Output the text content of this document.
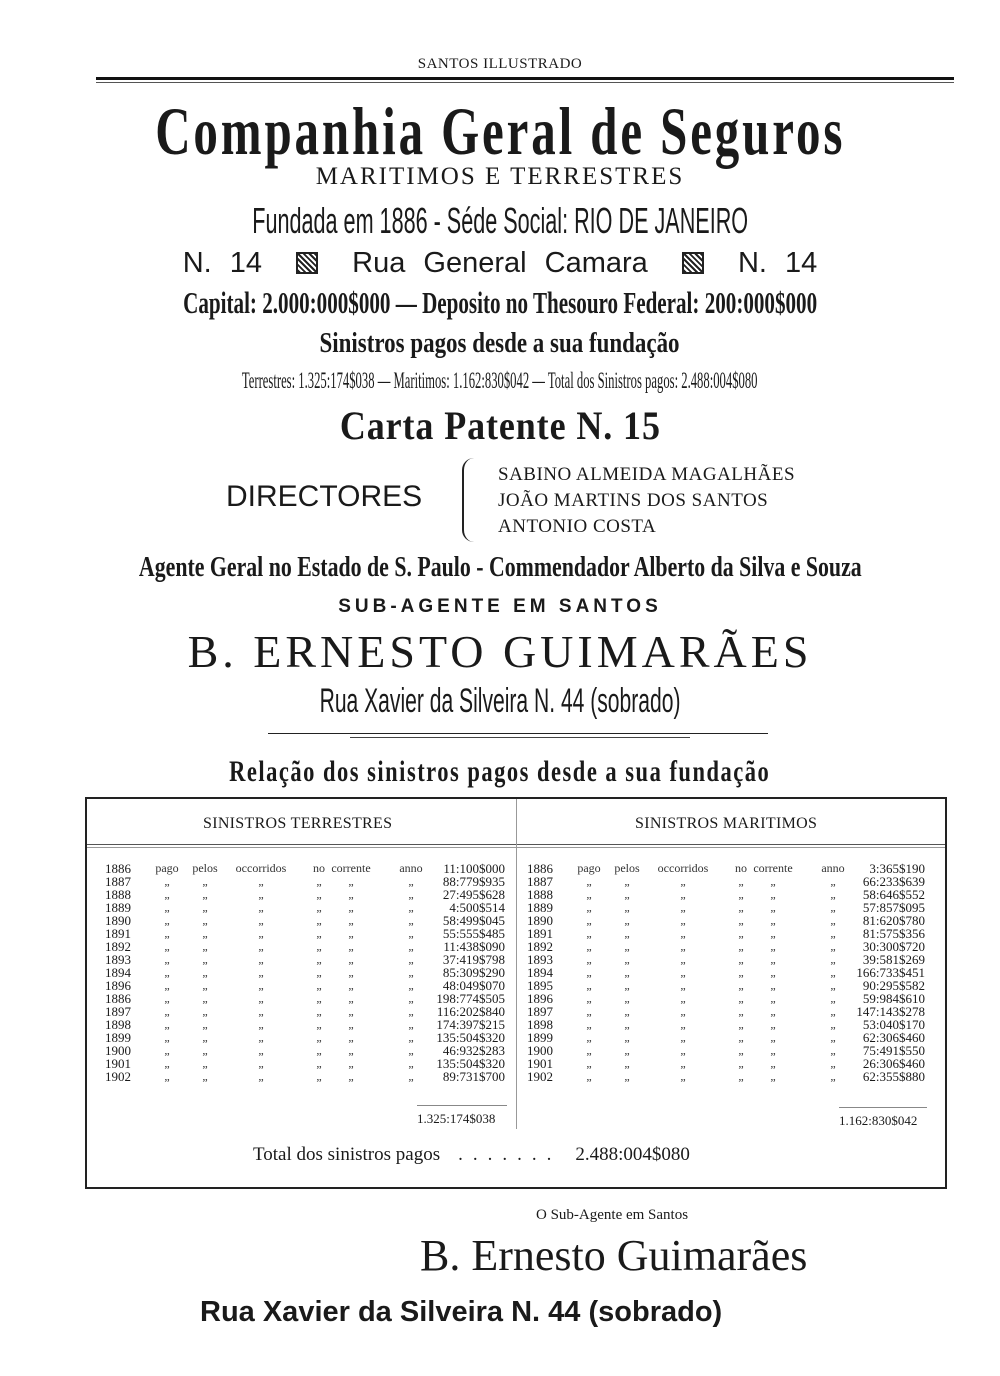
SANTOS ILLUSTRADO
Companhia Geral de Seguros
MARITIMOS E TERRESTRES
Fundada em 1886 - Séde Social: RIO DE JANEIRO
N. 14	Rua General Camara	N. 14
Capital: 2.000:000$000 — Deposito no Thesouro Federal: 200:000$000
Sinistros pagos desde a sua fundação
Terrestres: 1.325:174$038 — Maritimos: 1.162:830$042 — Total dos Sinistros pagos: 2.488:004$080
Carta Patente N. 15
DIRECTORES
SABINO ALMEIDA MAGALHÃES
JOÃO MARTINS DOS SANTOS
ANTONIO COSTA
Agente Geral no Estado de S. Paulo - Commendador Alberto da Silva e Souza
SUB-AGENTE EM SANTOS
B. ERNESTO GUIMARÃES
Rua Xavier da Silveira N. 44 (sobrado)
Relação dos sinistros pagos desde a sua fundação
SINISTROS TERRESTRES	SINISTROS MARITIMOS
1886	pago	pelos	occorridos	no corrente	anno	11:100$000
1887	„	„	„	„	„	„	88:779$935
1888	„	„	„	„	„	„	27:495$628
1889	„	„	„	„	„	„	4:500$514
1890	„	„	„	„	„	„	58:499$045
1891	„	„	„	„	„	„	55:555$485
1892	„	„	„	„	„	„	11:438$090
1893	„	„	„	„	„	„	37:419$798
1894	„	„	„	„	„	„	85:309$290
1896	„	„	„	„	„	„	48:049$070
1886	„	„	„	„	„	„	198:774$505
1897	„	„	„	„	„	„	116:202$840
1898	„	„	„	„	„	„	174:397$215
1899	„	„	„	„	„	„	135:504$320
1900	„	„	„	„	„	„	46:932$283
1901	„	„	„	„	„	„	135:504$320
1902	„	„	„	„	„	„	89:731$700
1886	pago	pelos	occorridos	no corrente	anno	3:365$190
1887	„	„	„	„	„	„	66:233$639
1888	„	„	„	„	„	„	58:646$552
1889	„	„	„	„	„	„	57:857$095
1890	„	„	„	„	„	„	81:620$780
1891	„	„	„	„	„	„	81:575$356
1892	„	„	„	„	„	„	30:300$720
1893	„	„	„	„	„	„	39:581$269
1894	„	„	„	„	„	„	166:733$451
1895	„	„	„	„	„	„	90:295$582
1896	„	„	„	„	„	„	59:984$610
1897	„	„	„	„	„	„	147:143$278
1898	„	„	„	„	„	„	53:040$170
1899	„	„	„	„	„	„	62:306$460
1900	„	„	„	„	„	„	75:491$550
1901	„	„	„	„	„	„	26:306$460
1902	„	„	„	„	„	„	62:355$880
1.325:174$038	1.162:830$042
Total dos sinistros pagos ....... 2.488:004$080
O Sub-Agente em Santos
B. Ernesto Guimarães
Rua Xavier da Silveira N. 44 (sobrado)
